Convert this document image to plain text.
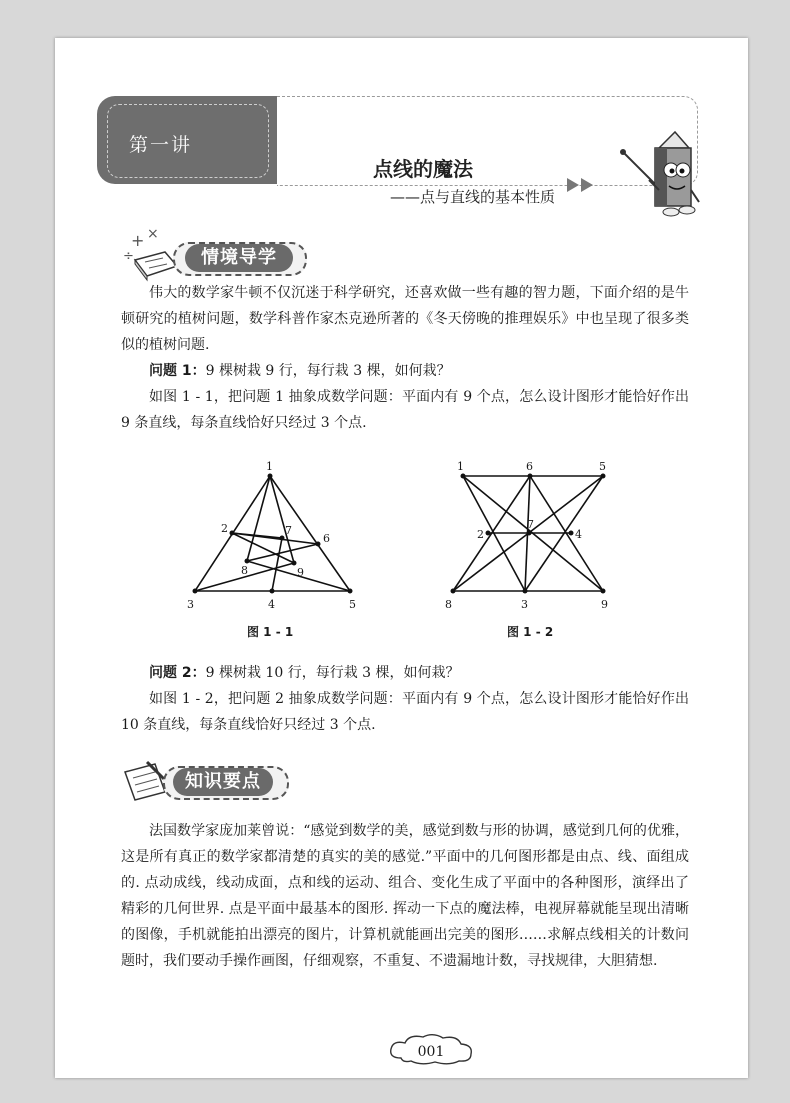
第一讲
点线的魔法
——点与直线的基本性质
+ ×
÷	情境导学

伟大的数学家牛顿不仅沉迷于科学研究，还喜欢做一些有趣的智力题，下面介绍的是牛顿研究的植树问题，数学科普作家杰克逊所著的《冬天傍晚的推理娱乐》中也呈现了很多类似的植树问题.

问题 1：9 棵树栽 9 行，每行栽 3 棵，如何栽？

如图 1 - 1，把问题 1 抽象成数学问题：平面内有 9 个点，怎么设计图形才能恰好作出 9 条直线，每条直线恰好只经过 3 个点.

1
2
3	4	5
6
7
8	9
图 1 - 1
1
2
3
4
5
6
7
8	9
图 1 - 2

问题 2：9 棵树栽 10 行，每行栽 3 棵，如何栽？

如图 1 - 2，把问题 2 抽象成数学问题：平面内有 9 个点，怎么设计图形才能恰好作出 10 条直线，每条直线恰好只经过 3 个点.

知识要点

法国数学家庞加莱曾说：“感觉到数学的美，感觉到数与形的协调，感觉到几何的优雅，这是所有真正的数学家都清楚的真实的美的感觉.”平面中的几何图形都是由点、线、面组成的. 点动成线，线动成面，点和线的运动、组合、变化生成了平面中的各种图形，演绎出了精彩的几何世界. 点是平面中最基本的图形. 挥动一下点的魔法棒，电视屏幕就能呈现出清晰的图像，手机就能拍出漂亮的图片，计算机就能画出完美的图形……求解点线相关的计数问题时，我们要动手操作画图，仔细观察，不重复、不遗漏地计数，寻找规律，大胆猜想.

001
